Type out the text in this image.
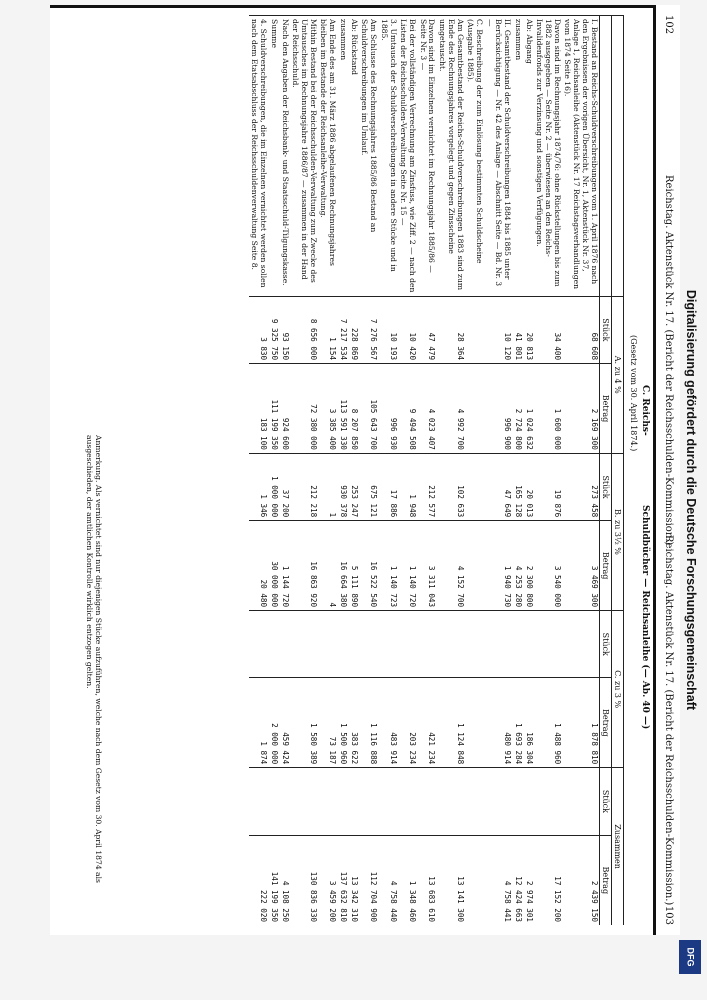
102
Reichstag. Aktenstück Nr. 17. (Bericht der Reichsschulden-Kommission.)
Reichstag. Aktenstück Nr. 17. (Bericht der Reichsschulden-Kommission.)
103
C. Reichs-
Schuldbücher — Reichsanleihe (— Ab. 40 —)
(Gesetz vom 30. April 1874.)
	A. zu 4 %		B. zu 3½ %		C. zu 3 %		Zusammen	
	Stück	Betrag	Stück	Betrag	Stück	Betrag	Stück	Betrag
I. Bestand an Reichs-Schuldverschreibungen vom 1. April 1876 nach den Ergebnissen der vorigen Übersicht, Nr. 1, Aktenstück Nr. 37, Anlage 1, Reichsanleihe (Aktenstück Nr. 17 Reichstagsverhandlungen vom 1874 Seite 16).	68 608	2 169 300	273 458	3 469 300		1 878 810		2 439 150
Davon sind im Rechnungsjahr 1874/76: ohne Rückstellungen bis zum 1882 ausgegeben — Seite Nr. 2 — überwiesen an den Reichs-Invalidenfonds zur Verzinsung und sonstigen Verfügungen.	34 400	1 600 000	19 876	3 540 000		1 488 960		17 152 200
Ab: Abgang	20 813	1 024 632	20 013	2 300 800		186 304		2 974 301
zusammen	41 801	2 724 800	165 128	4 253 280		1 693 284		12 424 663
II. Gesamtbestand der Schuldverschreibungen 1884 bis 1885 unter Berücksichtigung — Nr. 42 des Anlage — Abschnitt Seite — Bd. Nr. 3 —	10 120	996 900	47 649	1 940 730		480 914		4 758 441
C. Beschreibung der zum Einlösung bestimmten Schuldscheine (Ausgabe 1885).								
Am Gesamtbestand der Reichs-Schuldverschreibungen 1883 sind zum Ende des Rechnungsjahres vorgelegt und gegen Zinsscheine umgetauscht.	28 364	4 992 700	102 633	4 152 700		1 124 848		13 141 300
Davon sind im Einzelnen vernichtet im Rechnungsjahr 1885/86 — Seite Nr. 3 —	47 479	4 023 407	212 577	3 311 043		421 234		13 683 610
Bei der vollständigen Verrechnung am Zinsfuss, wie Ziff. 2 — nach den Listen der Reichsschulden-Verwaltung Seite Nr. 15 —	10 420	9 494 508	1 948	1 140 720		203 234		1 348 460
3. Umtausch der Schuldverschreibungen in andere Stücke und in 1885.	10 193	996 930	17 886	1 140 723		483 914		4 758 440
Am Schlusse des Rechnungsjahres 1885/86 Bestand an Schuldverschreibungen im Umlauf.	7 276 567	105 643 700	675 121	16 522 540		1 116 888		112 704 900
Ab: Rückstand	228 869	8 207 850	253 247	5 111 890		383 622		13 342 310
zusammen	7 217 534	113 591 330	930 378	16 664 380		1 500 960		137 632 810
Am Ende des am 31. März 1886 abgelaufenen Rechnungsjahres bleiben im Bestande der Reichsanleihe-Verwaltung.	1 154	3 385 400	1	4		73 187		3 459 200
Mithin Bestand bei der Reichsschulden-Verwaltung zum Zwecke des Umtausches im Rechnungsjahre 1886/87 — zusammen in der Hand der Reichsschuld.	8 656 000	72 380 000	212 218	16 863 920		1 580 389		130 836 330
Nach den Angaben der Reichsbank- und Staatsschuld-Tilgungskasse.	93 150	924 600	37 200	1 144 720		459 424		4 108 250
Summe	9 325 750	111 199 350	1 000 000	30 000 000		2 000 000		141 199 350
4. Schuldverschreibungen, die im Einzelnen vernichtet werden sollen nach dem Etatsabschluss der Reichsschuldenverwaltung Seite 8.	3 830	183 100	1 346	20 480		1 874		222 020
Anmerkung. Als vernichtet sind nur diejenigen Stücke aufzuführen, welche nach dem Gesetz vom 30. April 1874 als ausgeschieden, der amtlichen Kontrolle wirklich entzogen gelten.	Digitalisierung gefördert durch die Deutsche Forschungsgemeinschaft
DFG
